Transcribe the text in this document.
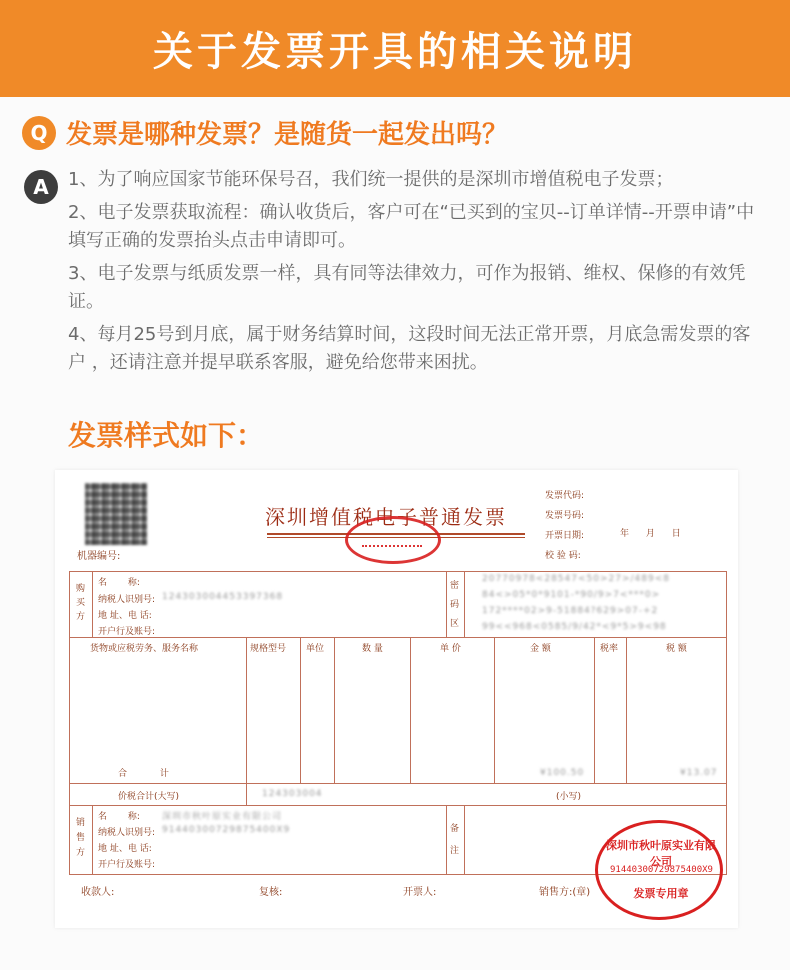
关于发票开具的相关说明
Q 发票是哪种发票？是随货一起发出吗？
A	1、为了响应国家节能环保号召，我们统一提供的是深圳市增值税电子发票；

2、电子发票获取流程：确认收货后，客户可在“已买到的宝贝--订单详情--开票申请”中 填写正确的发票抬头点击申请即可。

3、电子发票与纸质发票一样，具有同等法律效力，可作为报销、维权、保修的有效凭证。

4、每月25号到月底，属于财务结算时间，这段时间无法正常开票，月底急需发票的客户 ，还请注意并提早联系客服，避免给您带来困扰。

发票样式如下：
机器编号:
深圳增值税电子普通发票
发票代码:
发票号码:
开票日期:
校 验 码:
年 月 日
购买方
名 称:
纳税人识别号: 124303004453397368
地 址、电 话:
开户行及账号:
密码区
20770978<28547<50>27>/489<8
84<>05*0*9101-*90/9>7<***0>
172****02>9-51884?629>07-+2
99<<968<0585/9/42*<9*5>9<98
货物或应税劳务、服务名称	规格型号 单位	数 量	单 价	金 额	税率	税 额
合 计	¥100.50	¥13.07
价税合计(大写)	124303004	(小写)
销售方
名 称: 深圳市秋叶原实业有限公司
纳税人识别号: 91440300729875400X9
地 址、电 话:
开户行及账号:
备注	深圳市秋叶原实业有限公司
91440300729875400X9
发票专用章
收款人:	复核:	开票人:	销售方:(章)
